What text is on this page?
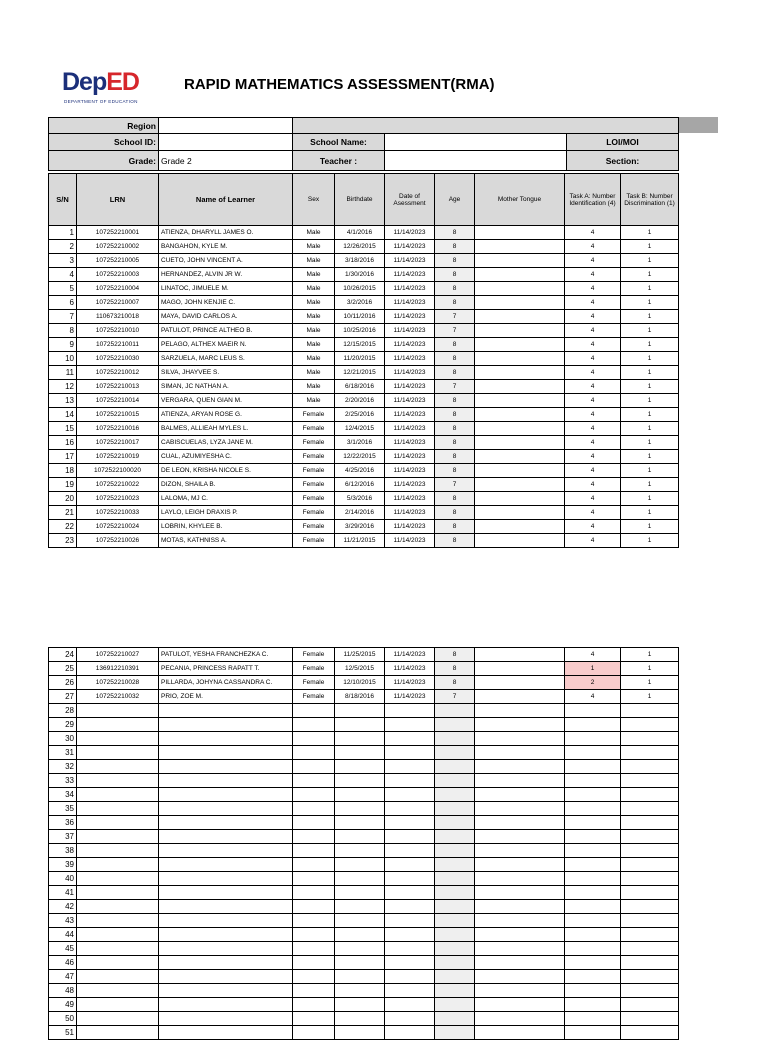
DepED
DEPARTMENT OF EDUCATION
RAPID MATHEMATICS ASSESSMENT(RMA)
Region				
School ID:		School Name:		LOI/MOI
Grade:	Grade 2	Teacher :		Section:
S/N	LRN	Name of Learner	Sex	Birthdate	Date of Asessment	Age	Mother Tongue	Task A: Number Identification (4)	Task B: Number Discrimination (1)
1	107252210001	ATIENZA, DHARYLL JAMES O.	Male	4/1/2016	11/14/2023	8		4	1
2	107252210002	BANGAHON, KYLE M.	Male	12/26/2015	11/14/2023	8		4	1
3	107252210005	CUETO, JOHN VINCENT A.	Male	3/18/2016	11/14/2023	8		4	1
4	107252210003	HERNANDEZ, ALVIN JR W.	Male	1/30/2016	11/14/2023	8		4	1
5	107252210004	LINATOC, JIMUELE M.	Male	10/26/2015	11/14/2023	8		4	1
6	107252210007	MAGO, JOHN KENJIE C.	Male	3/2/2016	11/14/2023	8		4	1
7	110673210018	MAYA, DAVID CARLOS A.	Male	10/11/2016	11/14/2023	7		4	1
8	107252210010	PATULOT, PRINCE ALTHEO B.	Male	10/25/2016	11/14/2023	7		4	1
9	107252210011	PELAGO, ALTHEX MAEIR N.	Male	12/15/2015	11/14/2023	8		4	1
10	107252210030	SARZUELA, MARC LEUS S.	Male	11/20/2015	11/14/2023	8		4	1
11	107252210012	SILVA, JHAYVEE S.	Male	12/21/2015	11/14/2023	8		4	1
12	107252210013	SIMAN, JC NATHAN A.	Male	6/18/2016	11/14/2023	7		4	1
13	107252210014	VERGARA, QUEN GIAN M.	Male	2/20/2016	11/14/2023	8		4	1
14	107252210015	ATIENZA, ARYAN ROSE G.	Female	2/25/2016	11/14/2023	8		4	1
15	107252210016	BALMES, ALLIEAH MYLES L.	Female	12/4/2015	11/14/2023	8		4	1
16	107252210017	CABISCUELAS, LYZA JANE M.	Female	3/1/2016	11/14/2023	8		4	1
17	107252210019	CUAL, AZUMIYESHA C.	Female	12/22/2015	11/14/2023	8		4	1
18	1072522100020	DE LEON, KRISHA NICOLE S.	Female	4/25/2016	11/14/2023	8		4	1
19	107252210022	DIZON, SHAILA B.	Female	6/12/2016	11/14/2023	7		4	1
20	107252210023	LALOMA, MJ C.	Female	5/3/2016	11/14/2023	8		4	1
21	107252210033	LAYLO, LEIGH DRAXIS P.	Female	2/14/2016	11/14/2023	8		4	1
22	107252210024	LOBRIN, KHYLEE B.	Female	3/29/2016	11/14/2023	8		4	1
23	107252210026	MOTAS, KATHNISS A.	Female	11/21/2015	11/14/2023	8		4	1
24	107252210027	PATULOT, YESHA FRANCHEZKA C.	Female	11/25/2015	11/14/2023	8		4	1
25	136912210391	PECANIA, PRINCESS RAPATT T.	Female	12/5/2015	11/14/2023	8		1	1
26	107252210028	PILLARDA, JOHYNA CASSANDRA C.	Female	12/10/2015	11/14/2023	8		2	1
27	107252210032	PRIO, ZOE M.	Female	8/18/2016	11/14/2023	7		4	1
28									
29									
30									
31									
32									
33									
34									
35									
36									
37									
38									
39									
40									
41									
42									
43									
44									
45									
46									
47									
48									
49									
50									
51									
